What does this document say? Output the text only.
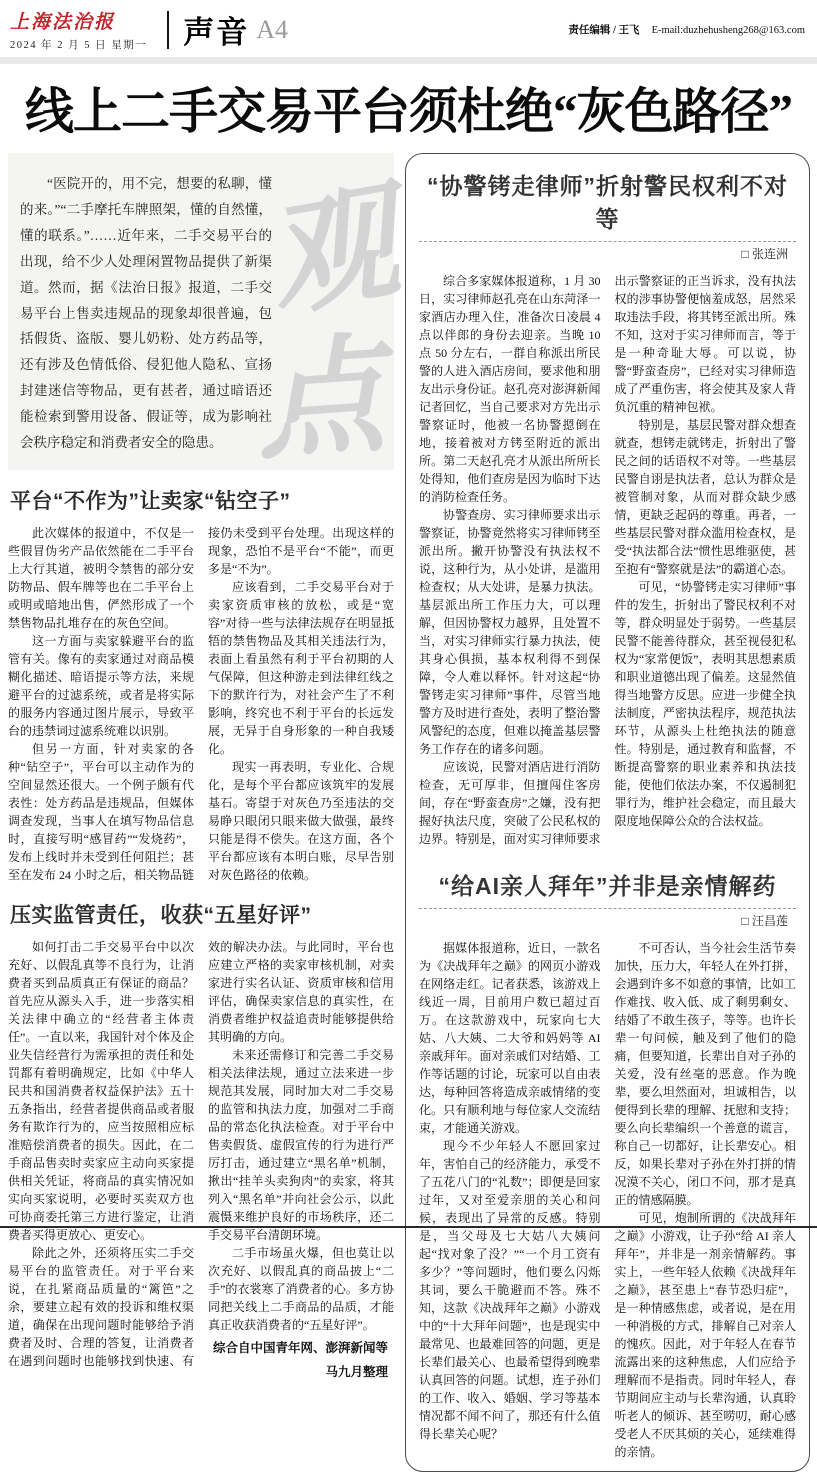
上海法治报
2024 年 2 月 5 日 星期一 声音 A4	责任编辑 / 王飞 E-mail:duzhehusheng268@163.com
线上二手交易平台须杜绝“灰色路径”
观
点
“医院开的，用不完，想要的私聊，懂的来。”“二手摩托车牌照架，懂的自然懂，懂的联系。”……近年来，二手交易平台的出现，给不少人处理闲置物品提供了新渠道。然而，据《法治日报》报道，二手交易平台上售卖违规品的现象却很普遍，包括假货、盗版、婴儿奶粉、处方药品等，还有涉及色情低俗、侵犯他人隐私、宣扬封建迷信等物品，更有甚者，通过暗语还能检索到警用设备、假证等，成为影响社会秩序稳定和消费者安全的隐患。
平台“不作为”让卖家“钻空子”

此次媒体的报道中，不仅是一些假冒伪劣产品依然能在二手平台上大行其道，被明令禁售的部分安防物品、假车牌等也在二手平台上或明或暗地出售，俨然形成了一个禁售物品扎堆存在的灰色空间。

这一方面与卖家躲避平台的监管有关。像有的卖家通过对商品模糊化描述、暗语提示等方法，来规避平台的过滤系统，或者是将实际的服务内容通过图片展示，导致平台的违禁词过滤系统难以识别。

但另一方面，针对卖家的各种“钻空子”，平台可以主动作为的空间显然还很大。一个例子颇有代表性：处方药品是违规品，但媒体调查发现，当事人在填写物品信息时，直接写明“感冒药”“发烧药”，发布上线时并未受到任何阻拦；甚至在发布 24 小时之后，相关物品链接仍未受到平台处理。出现这样的现象，恐怕不是平台“不能”，而更多是“不为”。

应该看到，二手交易平台对于卖家资质审核的放松，或是“宽容”对待一些与法律法规存在明显抵牾的禁售物品及其相关违法行为，表面上看虽然有利于平台初期的人气保障，但这种游走到法律红线之下的默许行为，对社会产生了不利影响，终究也不利于平台的长远发展，无异于自身形象的一种自我矮化。

现实一再表明，专业化、合规化，是每个平台都应该筑牢的发展基石。寄望于对灰色乃至违法的交易睁只眼闭只眼来做大做强，最终只能是得不偿失。在这方面，各个平台都应该有本明白账，尽早告别对灰色路径的依赖。

压实监管责任，收获“五星好评”

如何打击二手交易平台中以次充好、以假乱真等不良行为，让消费者买到品质真正有保证的商品？首先应从源头入手，进一步落实相关法律中确立的“经营者主体责任”。一直以来，我国针对个体及企业失信经营行为需承担的责任和处罚都有着明确规定，比如《中华人民共和国消费者权益保护法》五十五条指出，经营者提供商品或者服务有欺诈行为的，应当按照相应标准赔偿消费者的损失。因此，在二手商品售卖时卖家应主动向买家提供相关凭证，将商品的真实情况如实向买家说明，必要时买卖双方也可协商委托第三方进行鉴定，让消费者买得更放心、更安心。

除此之外，还须将压实二手交易平台的监管责任。对于平台来说，在扎紧商品质量的“篱笆”之余，要建立起有效的投诉和维权渠道，确保在出现问题时能够给予消费者及时、合理的答复，让消费者在遇到问题时也能够找到快速、有效的解决办法。与此同时，平台也应建立严格的卖家审核机制，对卖家进行实名认证、资质审核和信用评估，确保卖家信息的真实性，在消费者维护权益追责时能够提供给其明确的方向。

未来还需修订和完善二手交易相关法律法规，通过立法来进一步规范其发展，同时加大对二手交易的监管和执法力度，加强对二手商品的常态化执法检查。对于平台中售卖假货、虚假宣传的行为进行严厉打击，通过建立“黑名单”机制，揪出“挂羊头卖狗肉”的卖家，将其列入“黑名单”并向社会公示，以此震慑来维护良好的市场秩序，还二手交易平台清朗环境。

二手市场虽火爆，但也莫让以次充好、以假乱真的商品披上“二手”的衣裳寒了消费者的心。多方协同把关线上二手商品的品质，才能真正收获消费者的“五星好评”。

综合自中国青年网、澎湃新闻等

马九月整理

“协警铐走律师”折射警民权利不对等
□ 张连洲

综合多家媒体报道称，1 月 30 日，实习律师赵孔亮在山东菏泽一家酒店办理入住，准备次日凌晨 4 点以伴郎的身份去迎亲。当晚 10 点 50 分左右，一群自称派出所民警的人进入酒店房间，要求他和朋友出示身份证。赵孔亮对澎湃新闻记者回忆，当自己要求对方先出示警察证时，他被一名协警摁倒在地，接着被对方铐至附近的派出所。第二天赵孔亮才从派出所所长处得知，他们查房是因为临时下达的消防检查任务。

协警查房、实习律师要求出示警察证，协警竟然将实习律师铐至派出所。撇开协警没有执法权不说，这种行为，从小处讲，是滥用检查权；从大处讲，是暴力执法。基层派出所工作压力大，可以理解，但因协警权力越界，且处置不当，对实习律师实行暴力执法，使其身心俱损，基本权利得不到保障，令人难以释怀。针对这起“协警铐走实习律师”事件，尽管当地警方及时进行查处，表明了整治警风警纪的态度，但难以掩盖基层警务工作存在的诸多问题。

应该说，民警对酒店进行消防检查，无可厚非，但擅闯住客房间，存在“野蛮查房”之嫌，没有把握好执法尺度，突破了公民私权的边界。特别是，面对实习律师要求出示警察证的正当诉求，没有执法权的涉事协警便恼羞成怒，居然采取违法手段，将其铐至派出所。殊不知，这对于实习律师而言，等于是一种奇耻大辱。可以说，协警“野蛮查房”，已经对实习律师造成了严重伤害，将会使其及家人背负沉重的精神包袱。

特别是，基层民警对群众想查就查，想铐走就铐走，折射出了警民之间的话语权不对等。一些基层民警自诩是执法者，总认为群众是被管制对象，从而对群众缺少感情，更缺乏起码的尊重。再者，一些基层民警对群众滥用检查权，是受“执法都合法”惯性思维驱使，甚至抱有“警察就是法”的霸道心态。

可见，“协警铐走实习律师”事件的发生，折射出了警民权利不对等，群众明显处于弱势。一些基层民警不能善待群众，甚至视侵犯私权为“家常便饭”，表明其思想素质和职业道德出现了偏差。这显然值得当地警方反思。应进一步健全执法制度，严密执法程序，规范执法环节，从源头上杜绝执法的随意性。特别是，通过教育和监督，不断提高警察的职业素养和执法技能，使他们依法办案，不仅遏制犯罪行为，维护社会稳定，而且最大限度地保障公众的合法权益。

“给AI亲人拜年”并非是亲情解药
□ 汪昌莲

据媒体报道称，近日，一款名为《决战拜年之巅》的网页小游戏在网络走红。记者获悉，该游戏上线近一周，目前用户数已超过百万。在这款游戏中，玩家向七大姑、八大姨、二大爷和妈妈等 AI 亲戚拜年。面对亲戚们对结婚、工作等话题的讨论，玩家可以自由表达，每种回答将造成亲戚情绪的变化。只有顺利地与每位家人交流结束，才能通关游戏。

现今不少年轻人不愿回家过年，害怕自己的经济能力，承受不了五花八门的“礼数”；即便是回家过年，又对至爱亲朋的关心和问候，表现出了异常的反感。特别是，当父母及七大姑八大姨问起“找对象了没？”“一个月工资有多少？”等问题时，他们要么闪烁其词，要么干脆避而不答。殊不知，这款《决战拜年之巅》小游戏中的“十大拜年问题”，也是现实中最常见、也最难回答的问题，更是长辈们最关心、也最希望得到晚辈认真回答的问题。试想，连子孙们的工作、收入、婚姻、学习等基本情况都不闻不问了，那还有什么值得长辈关心呢？

不可否认，当今社会生活节奏加快，压力大，年轻人在外打拼，会遇到许多不如意的事情，比如工作难找、收入低、成了剩男剩女、结婚了不敢生孩子，等等。也许长辈一句问候，触及到了他们的隐痛，但要知道，长辈出自对子孙的关爱，没有丝毫的恶意。作为晚辈，要么坦然面对，坦诚相告，以便得到长辈的理解、抚慰和支持；要么向长辈编织一个善意的谎言，称自己一切都好，让长辈安心。相反，如果长辈对子孙在外打拼的情况漠不关心，闭口不问，那才是真正的情感隔膜。

可见，炮制所谓的《决战拜年之巅》小游戏，让子孙“给 AI 亲人拜年”，并非是一剂亲情解药。事实上，一些年轻人依赖《决战拜年之巅》，甚至患上“春节恐归症”，是一种情感焦虑，或者说，是在用一种消极的方式，排解自己对亲人的愧疚。因此，对于年轻人在春节流露出来的这种焦虑，人们应给予理解而不是指责。同时年轻人，春节期间应主动与长辈沟通，认真聆听老人的倾诉、甚至唠叨，耐心感受老人不厌其烦的关心，延续难得的亲情。
